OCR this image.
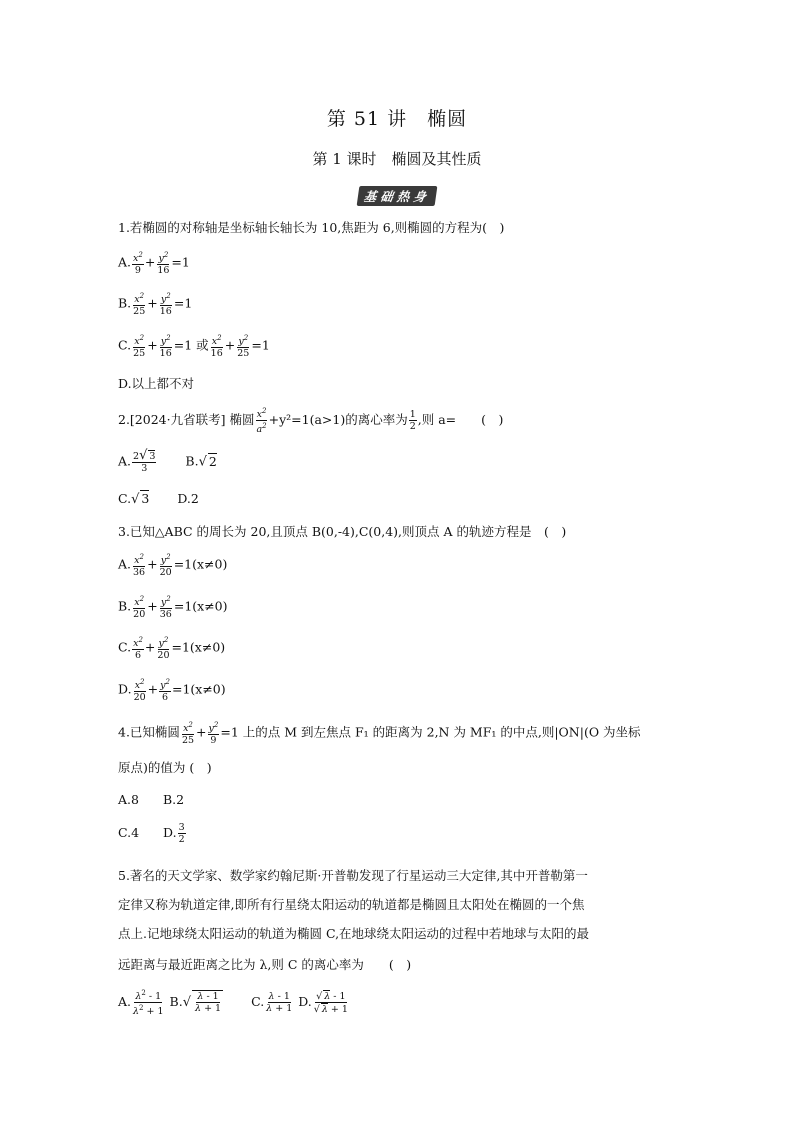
第 51 讲　椭圆
第 1 课时　椭圆及其性质
基础热身
1.若椭圆的对称轴是坐标轴长轴长为 10,焦距为 6,则椭圆的方程为(　)
A. $\frac{x^2}{9} + \frac{y^2}{16} =1$
B. $\frac{x^2}{25} + \frac{y^2}{16} =1$
C. $\frac{x^2}{25} + \frac{y^2}{16} =1$ 或 $\frac{x^2}{16} + \frac{y^2}{25} =1$
D.以上都不对
2.[2024·九省联考] 椭圆 $\frac{x^2}{a^2} +y^2=1(a>1)$的离心率为 $\frac{1}{2}$ ,则 a=　　(　)
A. $\frac{2√ 3}{3} B.√$ 2
C.√ 3 D.2
3.已知△ABC 的周长为 20,且顶点 B(0,-4),C(0,4),则顶点 A 的轨迹方程是　(　)
A. $\frac{x^2}{36} + \frac{y^2}{20} =1(x\ne 0)$
B. $\frac{x^2}{20} + \frac{y^2}{36} =1(x\ne 0)$
C. $\frac{x^2}{6} + \frac{y^2}{20} =1(x\ne 0)$
D. $\frac{x^2}{20} + \frac{y^2}{6} =1(x\ne 0)$
4.已知椭圆 $\frac{x^2}{25} + \frac{y^2}{9} =1$ 上的点 M 到左焦点 F₁ 的距离为 2,N 为 MF₁ 的中点,则|ON|(O 为坐标
原点)的值为 (　)
A.8 B.2
C.4 D. $\frac{3}{2}$
5.著名的天文学家、数学家约翰尼斯·开普勒发现了行星运动三大定律,其中开普勒第一
定律又称为轨道定律,即所有行星绕太阳运动的轨道都是椭圆且太阳处在椭圆的一个焦
点上.记地球绕太阳运动的轨道为椭圆 C,在地球绕太阳运动的过程中若地球与太阳的最
远距离与最近距离之比为 λ,则 C 的离心率为　　(　)
A. $\frac{\lambda^2 - 1}{\lambda^2 + 1} B.√ \frac{\lambda - 1}{\lambda + 1} C$. $\frac{\lambda - 1}{\lambda + 1} D$. $\frac{√ \lambda - 1}{√ \lambda + 1}$
